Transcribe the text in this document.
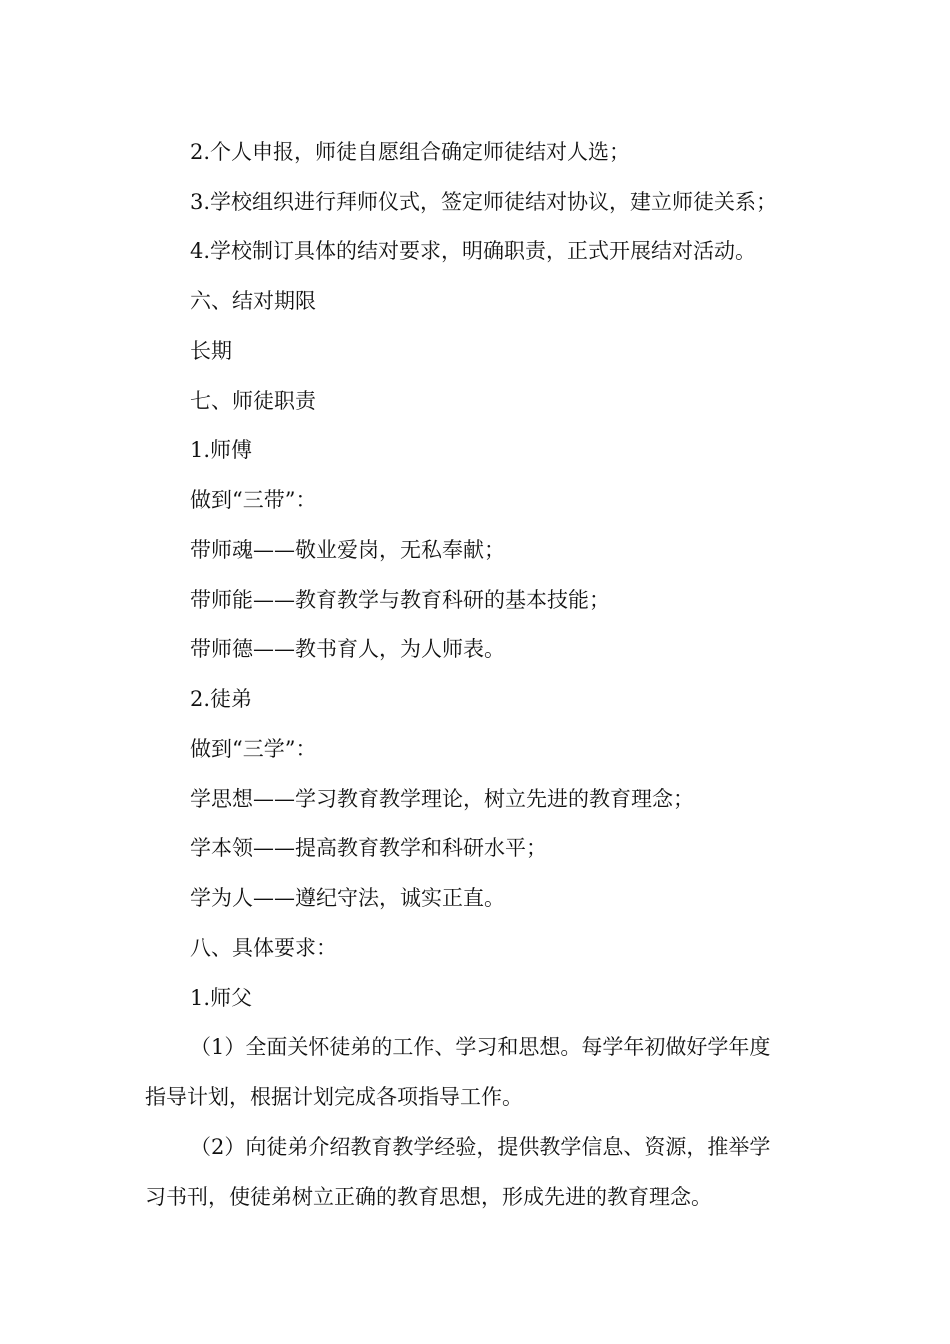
2.个人申报，师徒自愿组合确定师徒结对人选；
3.学校组织进行拜师仪式，签定师徒结对协议，建立师徒关系；
4.学校制订具体的结对要求，明确职责，正式开展结对活动。
六、结对期限
长期
七、师徒职责
1.师傅
做到“三带”：
带师魂——敬业爱岗，无私奉献；
带师能——教育教学与教育科研的基本技能；
带师德——教书育人，为人师表。
2.徒弟
做到“三学”：
学思想——学习教育教学理论，树立先进的教育理念；
学本领——提高教育教学和科研水平；
学为人——遵纪守法，诚实正直。
八、具体要求：
1.师父
（1）全面关怀徒弟的工作、学习和思想。每学年初做好学年度
指导计划，根据计划完成各项指导工作。
（2）向徒弟介绍教育教学经验，提供教学信息、资源，推举学
习书刊，使徒弟树立正确的教育思想，形成先进的教育理念。
